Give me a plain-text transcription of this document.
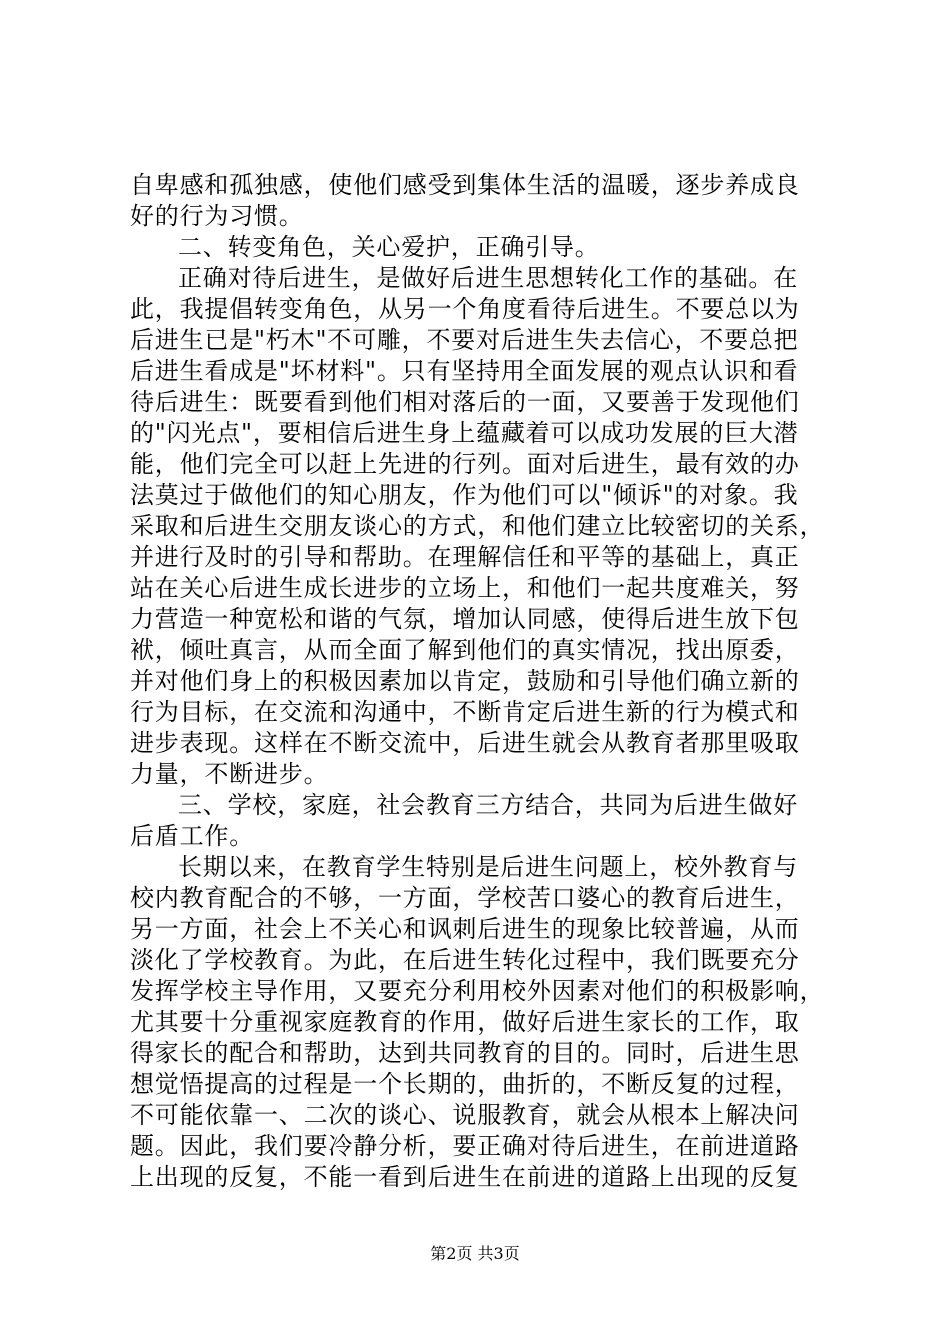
自卑感和孤独感，使他们感受到集体生活的温暖，逐步养成良
好的行为习惯。
二、转变角色，关心爱护，正确引导。
正确对待后进生，是做好后进生思想转化工作的基础。在
此，我提倡转变角色，从另一个角度看待后进生。不要总以为
后进生已是"朽木"不可雕，不要对后进生失去信心，不要总把
后进生看成是"坏材料"。只有坚持用全面发展的观点认识和看
待后进生：既要看到他们相对落后的一面，又要善于发现他们
的"闪光点"，要相信后进生身上蕴藏着可以成功发展的巨大潜
能，他们完全可以赶上先进的行列。面对后进生，最有效的办
法莫过于做他们的知心朋友，作为他们可以"倾诉"的对象。我
采取和后进生交朋友谈心的方式，和他们建立比较密切的关系，
并进行及时的引导和帮助。在理解信任和平等的基础上，真正
站在关心后进生成长进步的立场上，和他们一起共度难关，努
力营造一种宽松和谐的气氛，增加认同感，使得后进生放下包
袱，倾吐真言，从而全面了解到他们的真实情况，找出原委，
并对他们身上的积极因素加以肯定，鼓励和引导他们确立新的
行为目标，在交流和沟通中，不断肯定后进生新的行为模式和
进步表现。这样在不断交流中，后进生就会从教育者那里吸取
力量，不断进步。
三、学校，家庭，社会教育三方结合，共同为后进生做好
后盾工作。
长期以来，在教育学生特别是后进生问题上，校外教育与
校内教育配合的不够，一方面，学校苦口婆心的教育后进生，
另一方面，社会上不关心和讽刺后进生的现象比较普遍，从而
淡化了学校教育。为此，在后进生转化过程中，我们既要充分
发挥学校主导作用，又要充分利用校外因素对他们的积极影响，
尤其要十分重视家庭教育的作用，做好后进生家长的工作，取
得家长的配合和帮助，达到共同教育的目的。同时，后进生思
想觉悟提高的过程是一个长期的，曲折的，不断反复的过程，
不可能依靠一、二次的谈心、说服教育，就会从根本上解决问
题。因此，我们要冷静分析，要正确对待后进生，在前进道路
上出现的反复，不能一看到后进生在前进的道路上出现的反复
第2页 共3页
